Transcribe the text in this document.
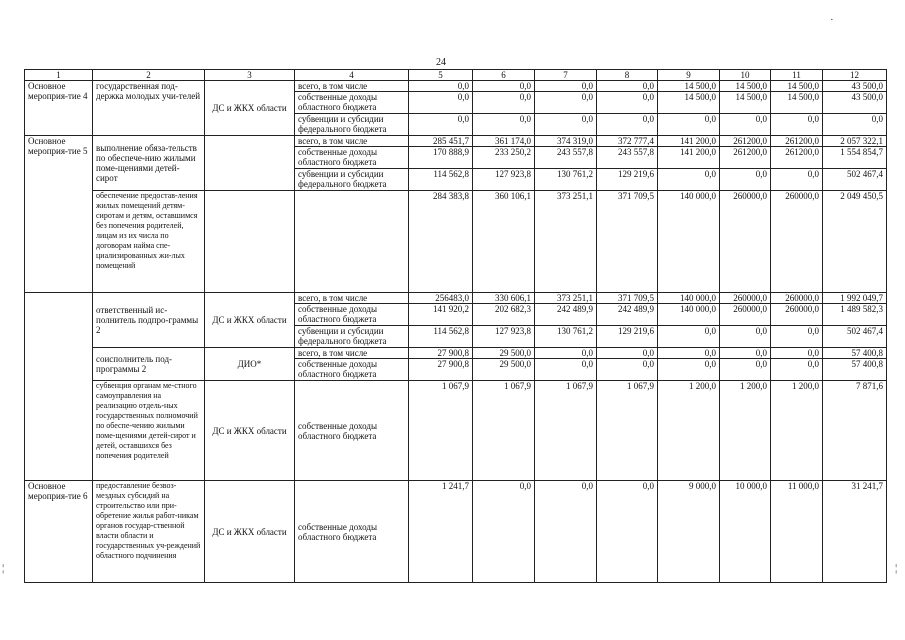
24
1	2	3	4	5	6	7	8	9	10	11	12
Основное мероприя-тие 4	государственная под-держка молодых учи-телей	ДС и ЖКХ области	всего, в том числе	0,0	0,0	0,0	0,0	14 500,0	14 500,0	14 500,0	43 500,0
			собственные доходы областного бюджета	0,0	0,0	0,0	0,0	14 500,0	14 500,0	14 500,0	43 500,0
			субвенции и субсидии федерального бюджета	0,0	0,0	0,0	0,0	0,0	0,0	0,0	0,0
Основное мероприя-тие 5	выполнение обяза-тельств по обеспече-нию жилыми поме-щениями детей-сирот		всего, в том числе	285 451,7	361 174,0	374 319,0	372 777,4	141 200,0	261200,0	261200,0	2 057 322,1
			собственные доходы областного бюджета	170 888,9	233 250,2	243 557,8	243 557,8	141 200,0	261200,0	261200,0	1 554 854,7
			субвенции и субсидии федерального бюджета	114 562,8	127 923,8	130 761,2	129 219,6	0,0	0,0	0,0	502 467,4
	обеспечение предостав-ления жилых помещений детям-сиротам и детям, оставшимся без попечения родителей, лицам из их числа по договорам найма спе-циализированных жи-лых помещений			284 383,8	360 106,1	373 251,1	371 709,5	140 000,0	260000,0	260000,0	2 049 450,5
	ответственный ис-полнитель подпро-граммы 2	ДС и ЖКХ области	всего, в том числе	256483,0	330 606,1	373 251,1	371 709,5	140 000,0	260000,0	260000,0	1 992 049,7
			собственные доходы областного бюджета	141 920,2	202 682,3	242 489,9	242 489,9	140 000,0	260000,0	260000,0	1 489 582,3
			субвенции и субсидии федерального бюджета	114 562,8	127 923,8	130 761,2	129 219,6	0,0	0,0	0,0	502 467,4
	соисполнитель под-программы 2	ДИО*	всего, в том числе	27 900,8	29 500,0	0,0	0,0	0,0	0,0	0,0	57 400,8
			собственные доходы областного бюджета	27 900,8	29 500,0	0,0	0,0	0,0	0,0	0,0	57 400,8
	субвенция органам ме-стного самоуправления на реализацию отдель-ных государственных полномочий по обеспе-чению жилыми поме-щениями детей-сирот и детей, оставшихся без попечения родителей	ДС и ЖКХ области	собственные доходы областного бюджета	1 067,9	1 067,9	1 067,9	1 067,9	1 200,0	1 200,0	1 200,0	7 871,6
Основное мероприя-тие 6	предоставление безвоз-мездных субсидий на строительство или при-обретение жилья работ-никам органов государ-ственной власти области и государственных уч-реждений областного подчинения	ДС и ЖКХ области	собственные доходы областного бюджета	1 241,7	0,0	0,0	0,0	9 000,0	10 000,0	11 000,0	31 241,7
·
¦	¦
